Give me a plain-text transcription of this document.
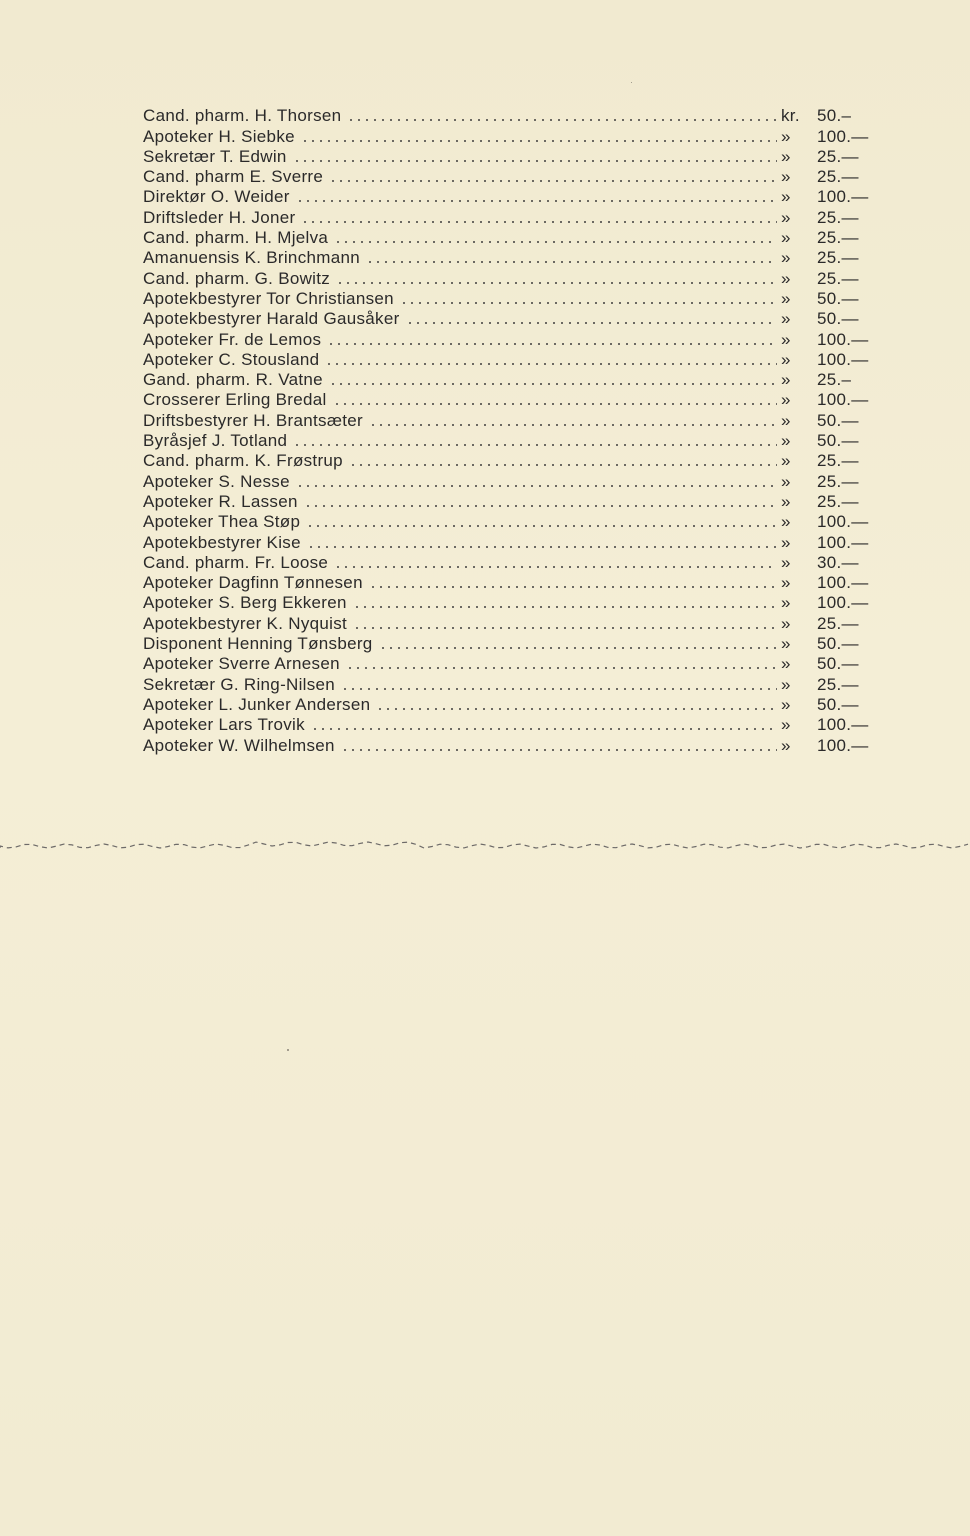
Cand. pharm. H. Thorsen	kr.	50.–
Apoteker H. Siebke	»	100.—
Sekretær T. Edwin	»	25.—
Cand. pharm E. Sverre	»	25.—
Direktør O. Weider	»	100.—
Driftsleder H. Joner	»	25.—
Cand. pharm. H. Mjelva	»	25.—
Amanuensis K. Brinchmann	»	25.—
Cand. pharm. G. Bowitz	»	25.—
Apotekbestyrer Tor Christiansen	»	50.—
Apotekbestyrer Harald Gausåker	»	50.—
Apoteker Fr. de Lemos	»	100.—
Apoteker C. Stousland	»	100.—
Gand. pharm. R. Vatne	»	25.–
Crosserer Erling Bredal	»	100.—
Driftsbestyrer H. Brantsæter	»	50.—
Byråsjef J. Totland	»	50.—
Cand. pharm. K. Frøstrup	»	25.—
Apoteker S. Nesse	»	25.—
Apoteker R. Lassen	»	25.—
Apoteker Thea Støp	»	100.—
Apotekbestyrer Kise	»	100.—
Cand. pharm. Fr. Loose	»	30.—
Apoteker Dagfinn Tønnesen	»	100.—
Apoteker S. Berg Ekkeren	»	100.—
Apotekbestyrer K. Nyquist	»	25.—
Disponent Henning Tønsberg	»	50.—
Apoteker Sverre Arnesen	»	50.—
Sekretær G. Ring-Nilsen	»	25.—
Apoteker L. Junker Andersen	»	50.—
Apoteker Lars Trovik	»	100.—
Apoteker W. Wilhelmsen	»	100.—
